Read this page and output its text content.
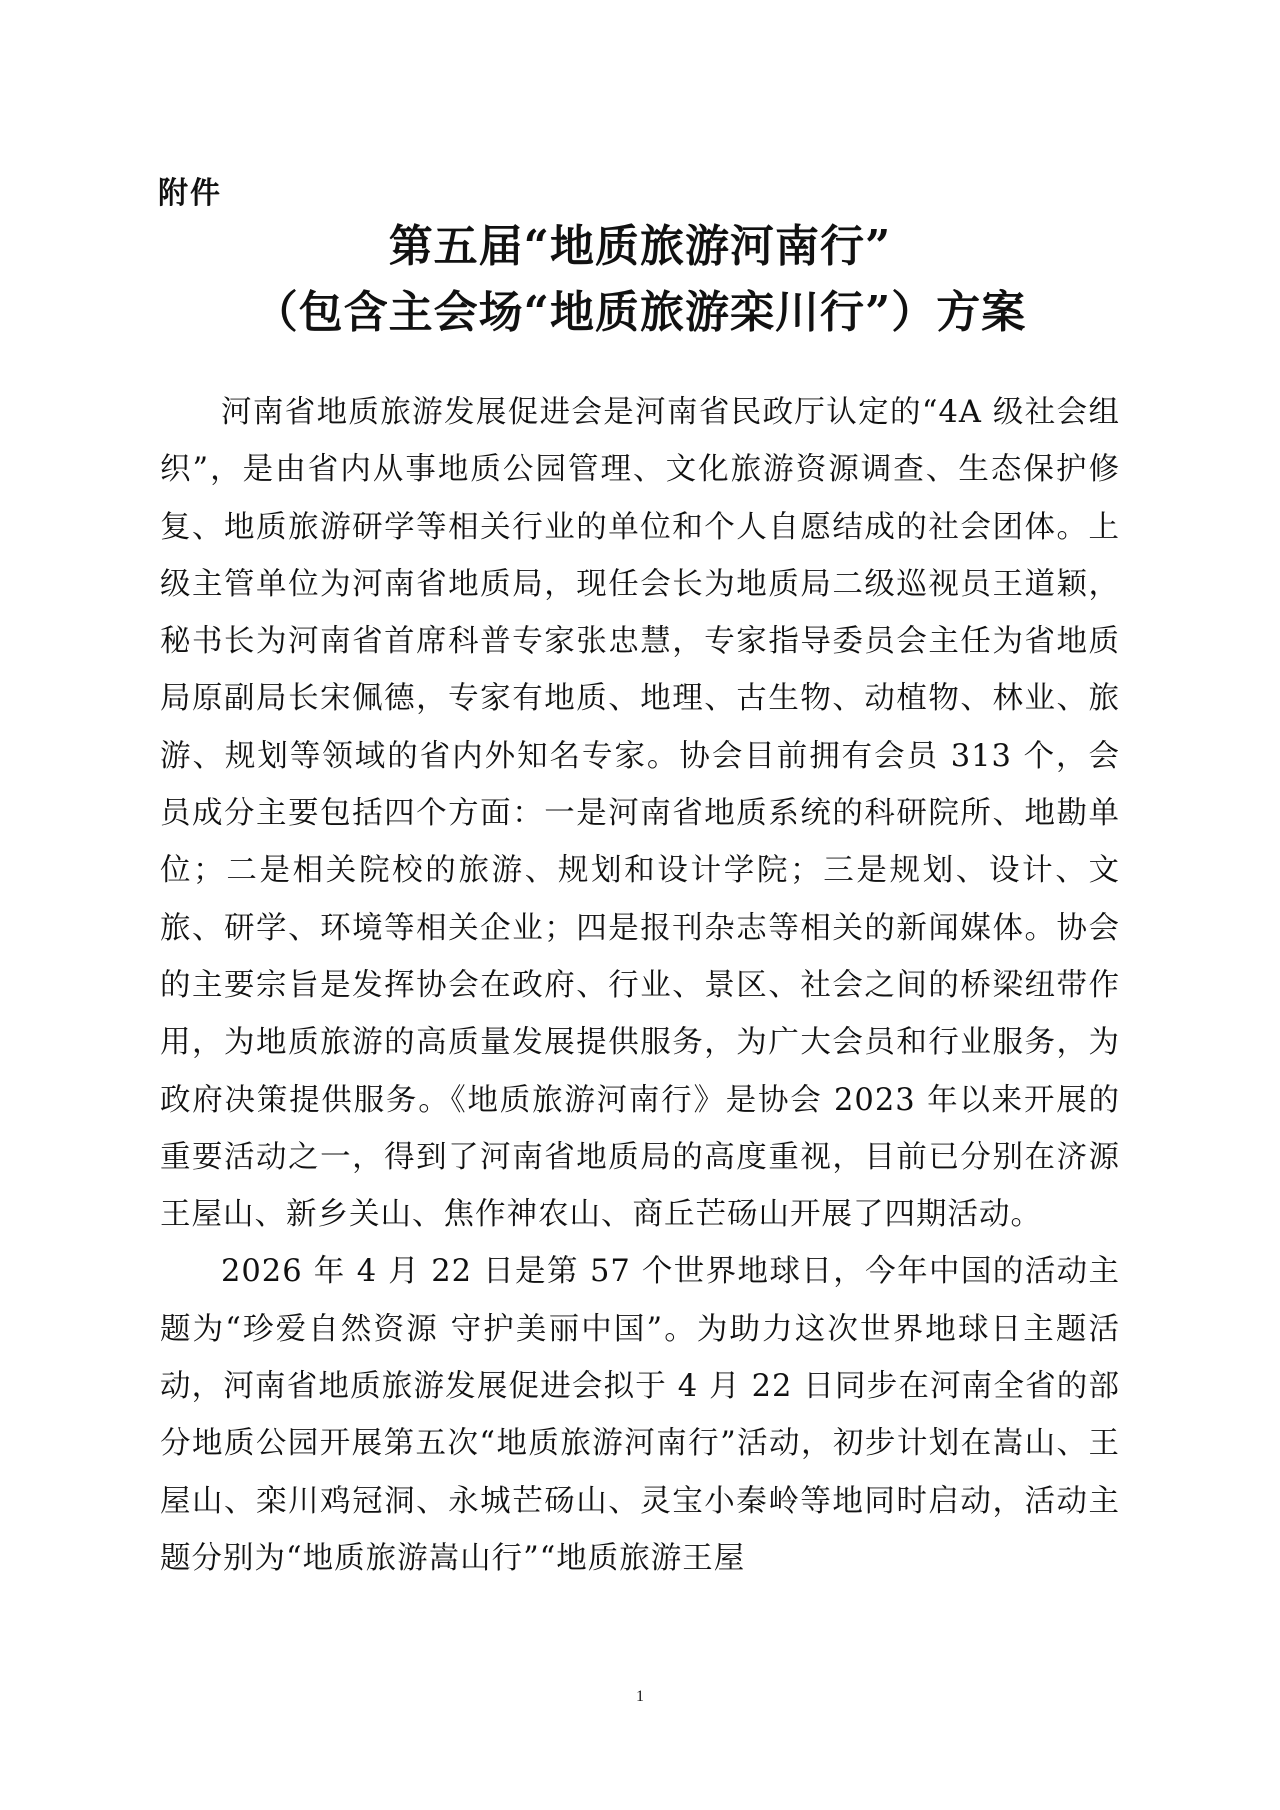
附件
第五届“地质旅游河南行”
（包含主会场“地质旅游栾川行”）方案

河南省地质旅游发展促进会是河南省民政厅认定的“4A 级社会组织”，是由省内从事地质公园管理、文化旅游资源调查、生态保护修复、地质旅游研学等相关行业的单位和个人自愿结成的社会团体。上级主管单位为河南省地质局，现任会长为地质局二级巡视员王道颖，秘书长为河南省首席科普专家张忠慧，专家指导委员会主任为省地质局原副局长宋佩德，专家有地质、地理、古生物、动植物、林业、旅游、规划等领域的省内外知名专家。协会目前拥有会员 313 个，会员成分主要包括四个方面：一是河南省地质系统的科研院所、地勘单位；二是相关院校的旅游、规划和设计学院；三是规划、设计、文旅、研学、环境等相关企业；四是报刊杂志等相关的新闻媒体。协会的主要宗旨是发挥协会在政府、行业、景区、社会之间的桥梁纽带作用，为地质旅游的高质量发展提供服务，为广大会员和行业服务，为政府决策提供服务。《地质旅游河南行》是协会 2023 年以来开展的重要活动之一，得到了河南省地质局的高度重视，目前已分别在济源王屋山、新乡关山、焦作神农山、商丘芒砀山开展了四期活动。

2026 年 4 月 22 日是第 57 个世界地球日，今年中国的活动主题为“珍爱自然资源 守护美丽中国”。为助力这次世界地球日主题活动，河南省地质旅游发展促进会拟于 4 月 22 日同步在河南全省的部分地质公园开展第五次“地质旅游河南行”活动，初步计划在嵩山、王屋山、栾川鸡冠洞、永城芒砀山、灵宝小秦岭等地同时启动，活动主题分别为“地质旅游嵩山行”“地质旅游王屋

1
